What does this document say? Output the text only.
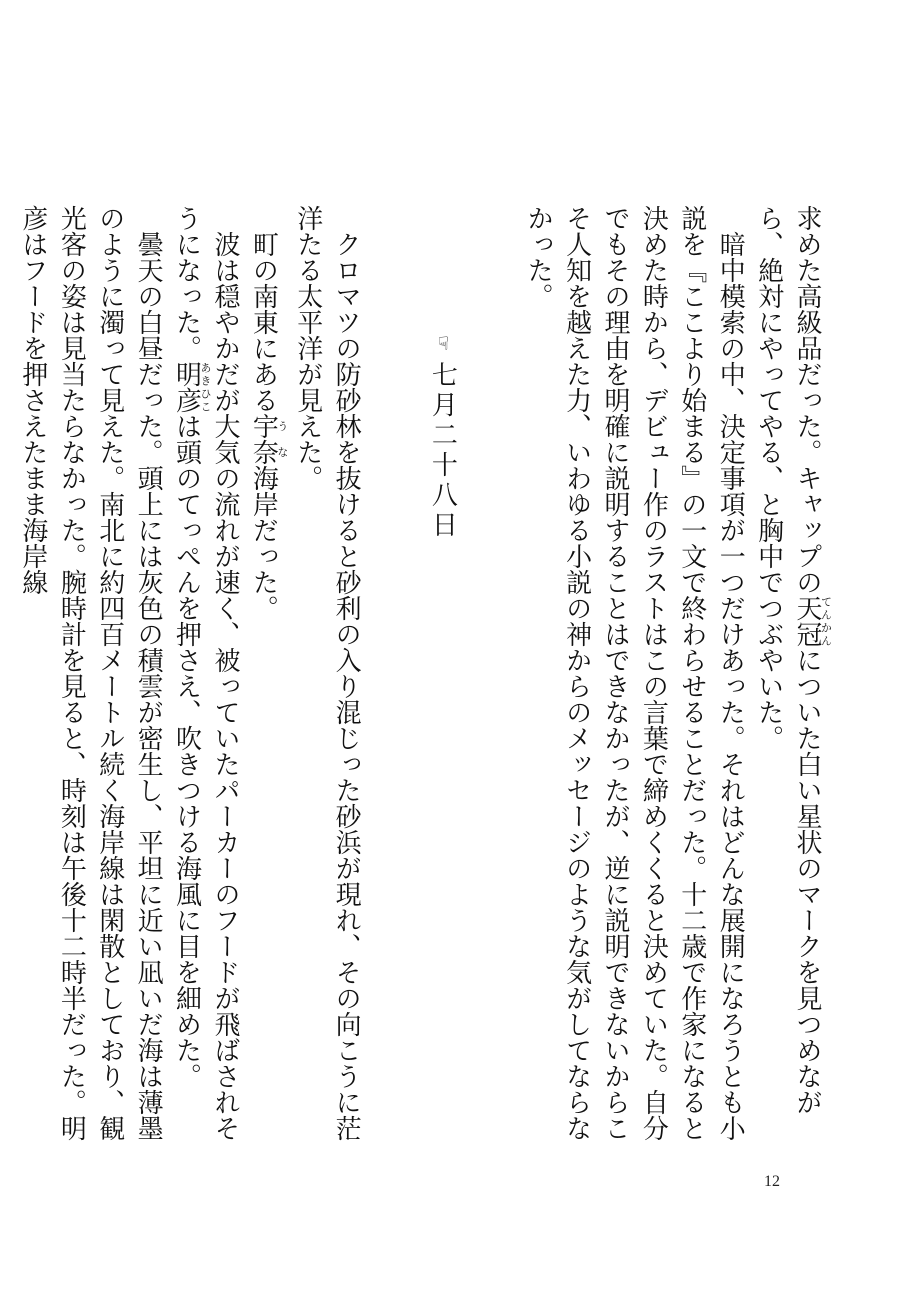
求めた高級品だった。キャップの天冠てんかんについた白い星状のマークを見つめながら、絶対にやってやる、と胸中でつぶやいた。

暗中模索の中、決定事項が一つだけあった。それはどんな展開になろうとも小説を『ここより始まる』の一文で終わらせることだった。十二歳で作家になると決めた時から、デビュー作のラストはこの言葉で締めくくると決めていた。自分でもその理由を明確に説明することはできなかったが、逆に説明できないからこそ人知を越えた力、いわゆる小説の神からのメッセージのような気がしてならなかった。

☞七月二十八日

クロマツの防砂林を抜けると砂利の入り混じった砂浜が現れ、その向こうに茫洋たる太平洋が見えた。

町の南東にある宇奈うな海岸だった。

波は穏やかだが大気の流れが速く、被っていたパーカーのフードが飛ばされそうになった。明彦あきひこは頭のてっぺんを押さえ、吹きつける海風に目を細めた。

曇天の白昼だった。頭上には灰色の積雲が密生し、平坦に近い凪いだ海は薄墨のように濁って見えた。南北に約四百メートル続く海岸線は閑散としており、観光客の姿は見当たらなかった。腕時計を見ると、時刻は午後十二時半だった。明彦はフードを押さえたまま海岸線

12
